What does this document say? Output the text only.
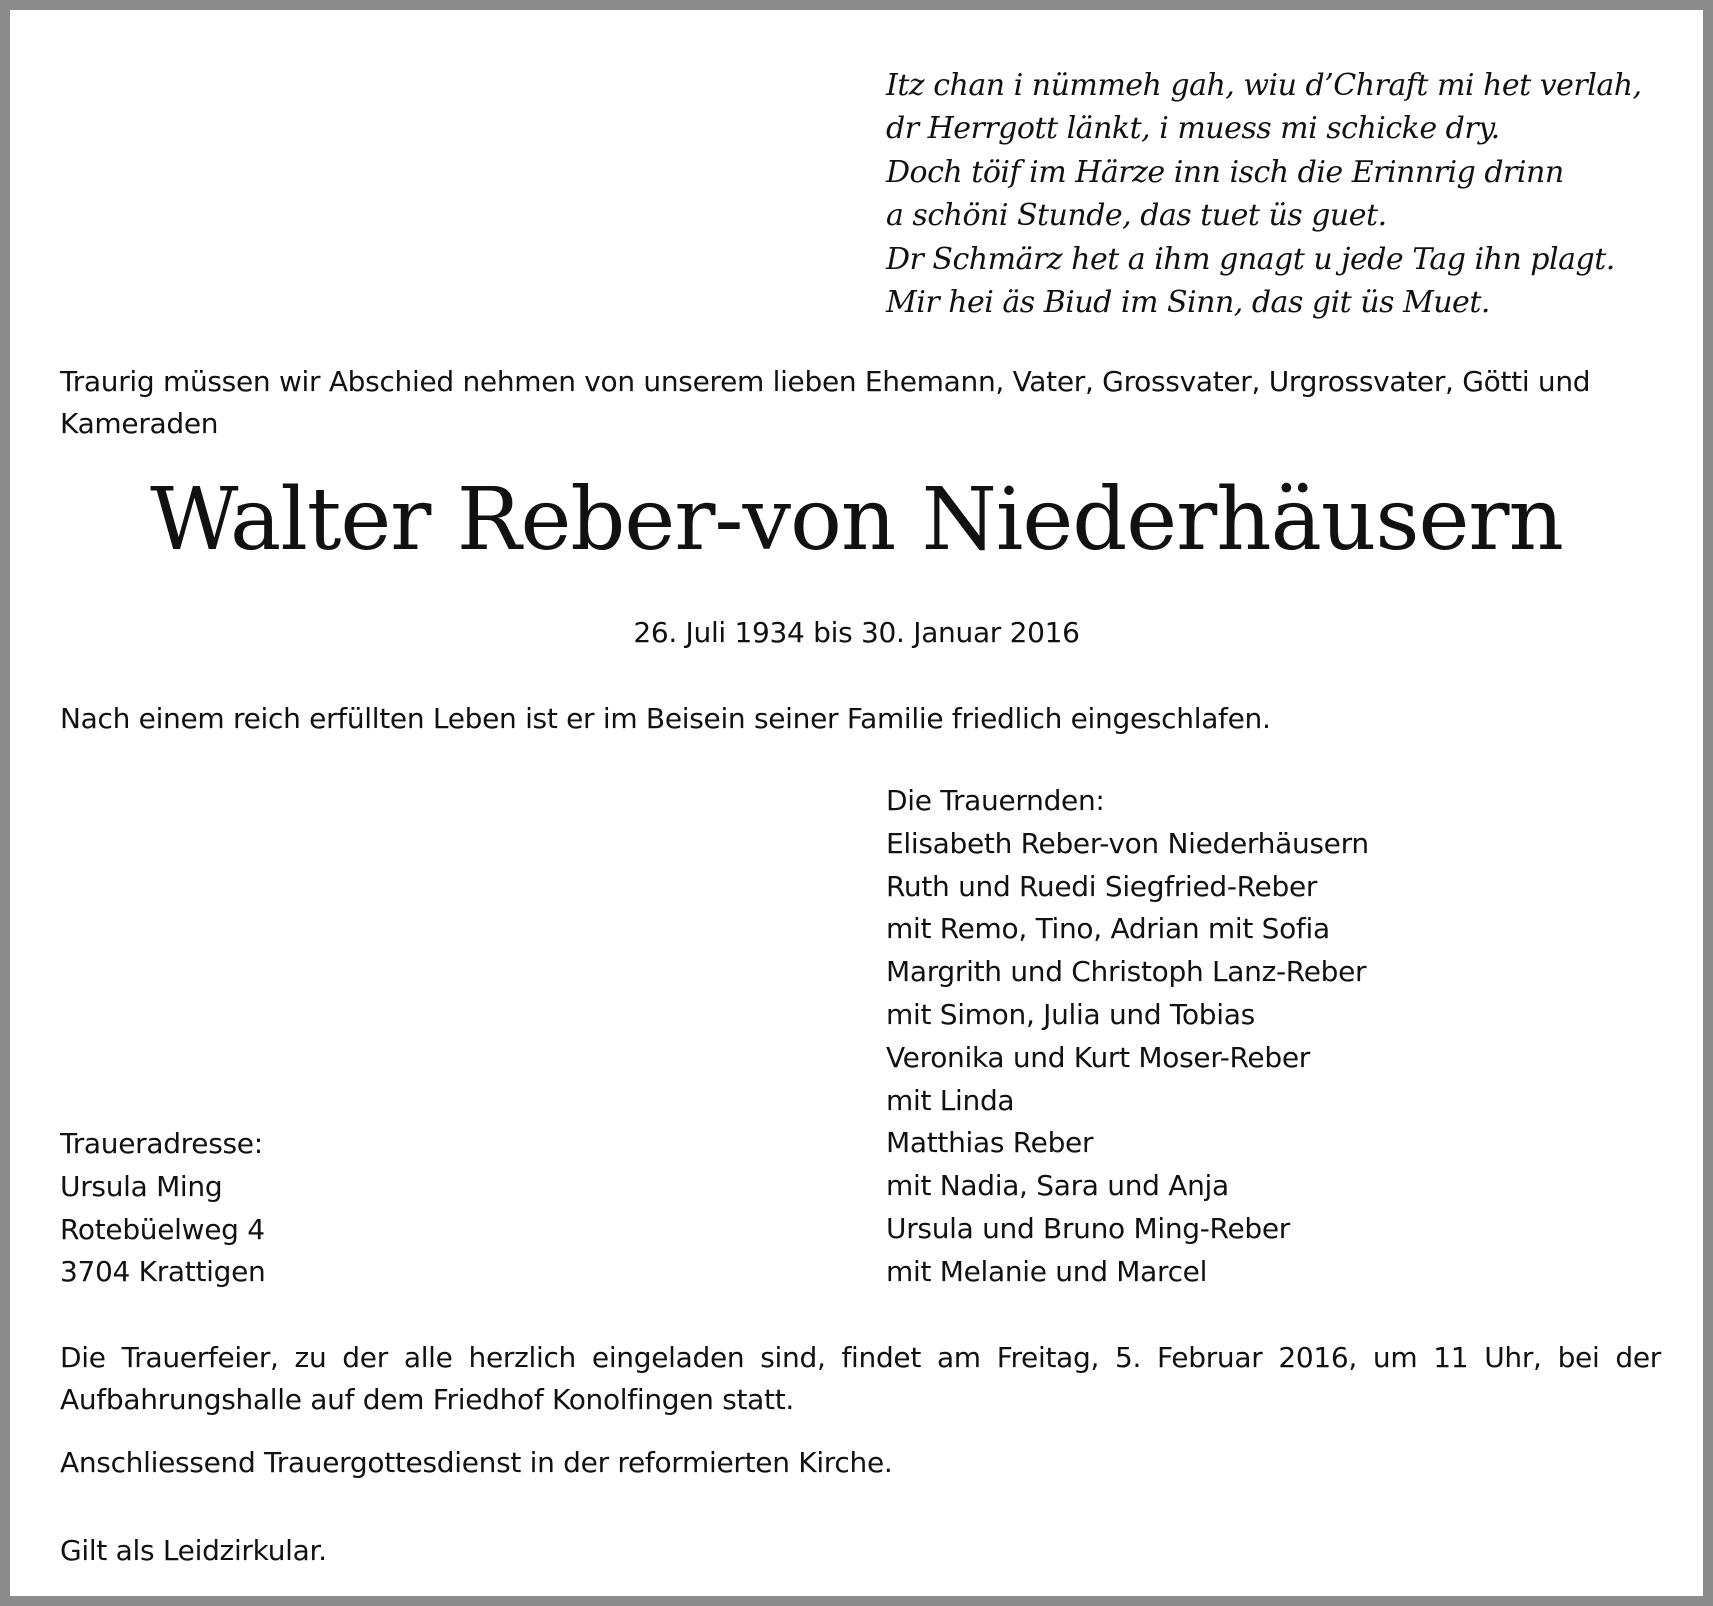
Itz chan i nümmeh gah, wiu d’Chraft mi het verlah,
dr Herrgott länkt, i muess mi schicke dry.
Doch töif im Härze inn isch die Erinnrig drinn
a schöni Stunde, das tuet üs guet.
Dr Schmärz het a ihm gnagt u jede Tag ihn plagt.
Mir hei äs Biud im Sinn, das git üs Muet.

Traurig müssen wir Abschied nehmen von unserem lieben Ehemann, Vater, Grossvater, Urgrossvater, Götti und Kameraden

Walter Reber-von Niederhäusern

26. Juli 1934 bis 30. Januar 2016

Nach einem reich erfüllten Leben ist er im Beisein seiner Familie friedlich eingeschlafen.

Die Trauernden:
Elisabeth Reber-von Niederhäusern
Ruth und Ruedi Siegfried-Reber
mit Remo, Tino, Adrian mit Sofia
Margrith und Christoph Lanz-Reber
mit Simon, Julia und Tobias
Veronika und Kurt Moser-Reber
mit Linda
Matthias Reber
mit Nadia, Sara und Anja
Ursula und Bruno Ming-Reber
mit Melanie und Marcel
Traueradresse:
Ursula Ming
Rotebüelweg 4
3704 Krattigen

Die Trauerfeier, zu der alle herzlich eingeladen sind, findet am Freitag, 5. Februar 2016, um 11 Uhr, bei der Aufbahrungshalle auf dem Friedhof Konolfingen statt.

Anschliessend Trauergottesdienst in der reformierten Kirche.

Gilt als Leidzirkular.
